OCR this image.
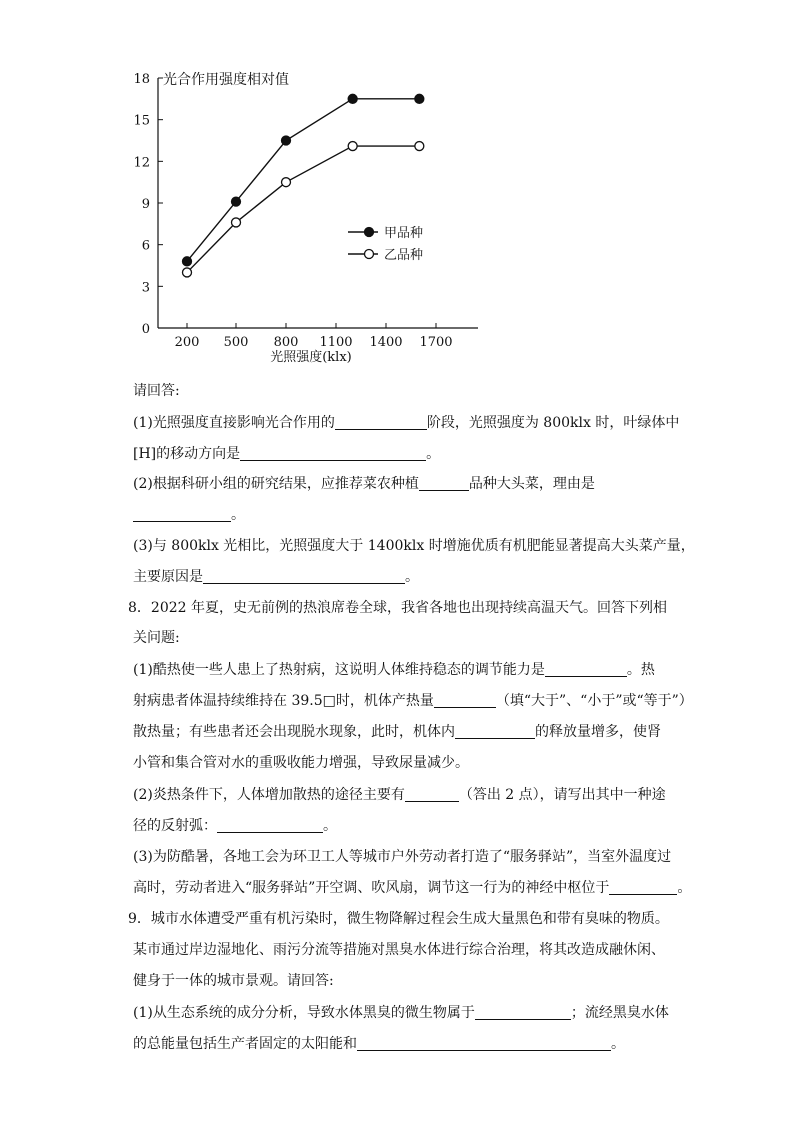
0
3
6
9
12
15
18
200 500 800 1100 1400 1700
甲品种
乙品种
光合作用强度相对值
光照强度(klx)
请回答:
(1)光照强度直接影响光合作用的	阶段，光照强度为 800klx 时，叶绿体中
[H]的移动方向是	。
(2)根据科研小组的研究结果，应推荐菜农种植	品种大头菜，理由是
。
(3)与 800klx 光相比，光照强度大于 1400klx 时增施优质有机肥能显著提高大头菜产量，
主要原因是	。
8．2022 年夏，史无前例的热浪席卷全球，我省各地也出现持续高温天气。回答下列相
关问题:
(1)酷热使一些人患上了热射病，这说明人体维持稳态的调节能力是	。热
射病患者体温持续维持在 39.5□时，机体产热量	（填“大于”、“小于”或“等于”）
散热量；有些患者还会出现脱水现象，此时，机体内	的释放量增多，使肾
小管和集合管对水的重吸收能力增强，导致尿量减少。
(2)炎热条件下，人体增加散热的途径主要有	（答出 2 点），请写出其中一种途
径的反射弧：	。
(3)为防酷暑，各地工会为环卫工人等城市户外劳动者打造了“服务驿站”，当室外温度过
高时，劳动者进入“服务驿站”开空调、吹风扇，调节这一行为的神经中枢位于	。
9．城市水体遭受严重有机污染时，微生物降解过程会生成大量黑色和带有臭味的物质。
某市通过岸边湿地化、雨污分流等措施对黑臭水体进行综合治理，将其改造成融休闲、
健身于一体的城市景观。请回答:
(1)从生态系统的成分分析，导致水体黑臭的微生物属于	；流经黑臭水体
的总能量包括生产者固定的太阳能和	。
